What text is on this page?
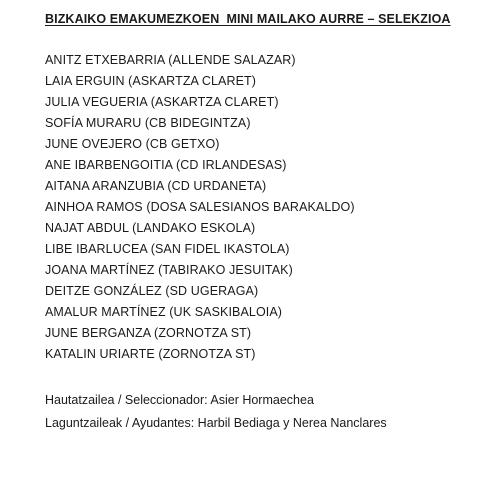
BIZKAIKO EMAKUMEZKOEN  MINI MAILAKO AURRE – SELEKZIOA
ANITZ ETXEBARRIA (ALLENDE SALAZAR)
LAIA ERGUIN (ASKARTZA CLARET)
JULIA VEGUERIA (ASKARTZA CLARET)
SOFÍA MURARU (CB BIDEGINTZA)
JUNE OVEJERO (CB GETXO)
ANE IBARBENGOITIA (CD IRLANDESAS)
AITANA ARANZUBIA (CD URDANETA)
AINHOA RAMOS (DOSA SALESIANOS BARAKALDO)
NAJAT ABDUL (LANDAKO ESKOLA)
LIBE IBARLUCEA (SAN FIDEL IKASTOLA)
JOANA MARTÍNEZ (TABIRAKO JESUITAK)
DEITZE GONZÁLEZ (SD UGERAGA)
AMALUR MARTÍNEZ (UK SASKIBALOIA)
JUNE BERGANZA (ZORNOTZA ST)
KATALIN URIARTE (ZORNOTZA ST)
Hautatzailea / Seleccionador: Asier Hormaechea
Laguntzaileak / Ayudantes: Harbil Bediaga y Nerea Nanclares
